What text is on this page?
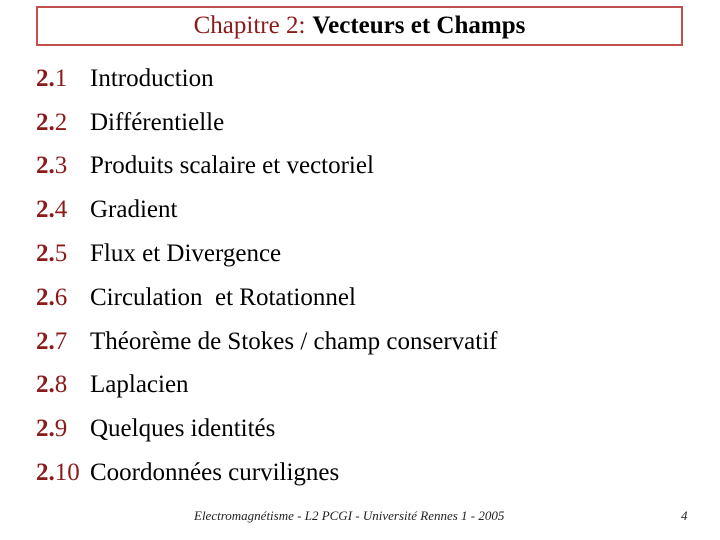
Chapitre 2: Vecteurs et Champs
2.1 Introduction
2.2 Différentielle
2.3 Produits scalaire et vectoriel
2.4 Gradient
2.5 Flux et Divergence
2.6 Circulation  et Rotationnel
2.7 Théorème de Stokes / champ conservatif
2.8 Laplacien
2.9 Quelques identités
2.10 Coordonnées curvilignes
Electromagnétisme - L2 PCGI - Université Rennes 1 - 2005	4
